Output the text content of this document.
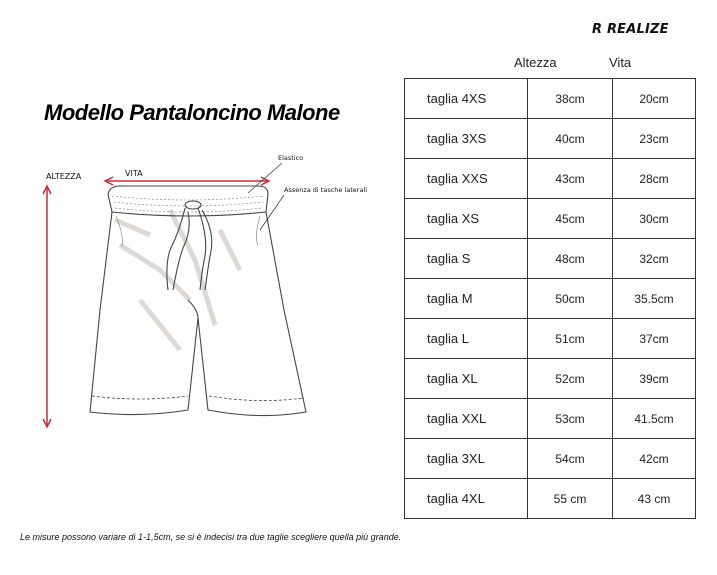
R REALIZE
Modello Pantaloncino Malone
Altezza	Vita
taglia 4XS	38cm	20cm
taglia 3XS	40cm	23cm
taglia XXS	43cm	28cm
taglia XS	45cm	30cm
taglia S	48cm	32cm
taglia M	50cm	35.5cm
taglia L	51cm	37cm
taglia XL	52cm	39cm
taglia XXL	53cm	41.5cm
taglia 3XL	54cm	42cm
taglia 4XL	55 cm	43 cm
ALTEZZA	VITA
Elastico
Assenza di tasche laterali
Le misure possono variare di 1-1,5cm, se si è indecisi tra due taglie scegliere quella più grande.
